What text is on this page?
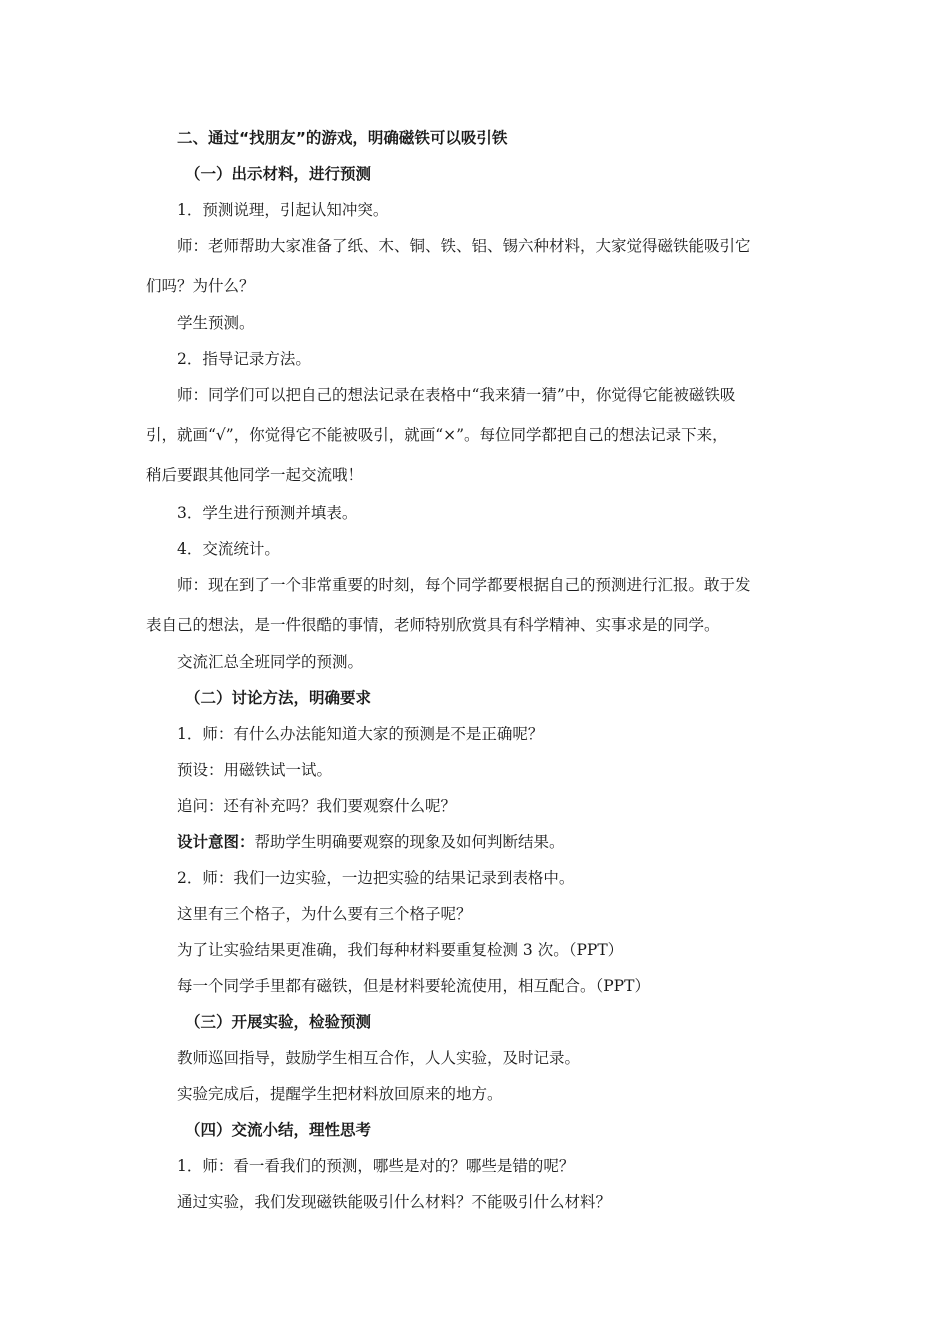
二、通过“找朋友”的游戏，明确磁铁可以吸引铁
（一）出示材料，进行预测
1．预测说理，引起认知冲突。
师：老师帮助大家准备了纸、木、铜、铁、铝、锡六种材料，大家觉得磁铁能吸引它
们吗？为什么？
学生预测。
2．指导记录方法。
师：同学们可以把自己的想法记录在表格中“我来猜一猜”中，你觉得它能被磁铁吸
引，就画“√”，你觉得它不能被吸引，就画“×”。每位同学都把自己的想法记录下来，
稍后要跟其他同学一起交流哦！
3．学生进行预测并填表。
4．交流统计。
师：现在到了一个非常重要的时刻，每个同学都要根据自己的预测进行汇报。敢于发
表自己的想法，是一件很酷的事情，老师特别欣赏具有科学精神、实事求是的同学。
交流汇总全班同学的预测。
（二）讨论方法，明确要求
1．师：有什么办法能知道大家的预测是不是正确呢？
预设：用磁铁试一试。
追问：还有补充吗？我们要观察什么呢？
设计意图：帮助学生明确要观察的现象及如何判断结果。
2．师：我们一边实验，一边把实验的结果记录到表格中。
这里有三个格子，为什么要有三个格子呢？
为了让实验结果更准确，我们每种材料要重复检测 3 次。（PPT）
每一个同学手里都有磁铁，但是材料要轮流使用，相互配合。（PPT）
（三）开展实验，检验预测
教师巡回指导，鼓励学生相互合作，人人实验，及时记录。
实验完成后，提醒学生把材料放回原来的地方。
（四）交流小结，理性思考
1．师：看一看我们的预测，哪些是对的？哪些是错的呢？
通过实验，我们发现磁铁能吸引什么材料？不能吸引什么材料？
